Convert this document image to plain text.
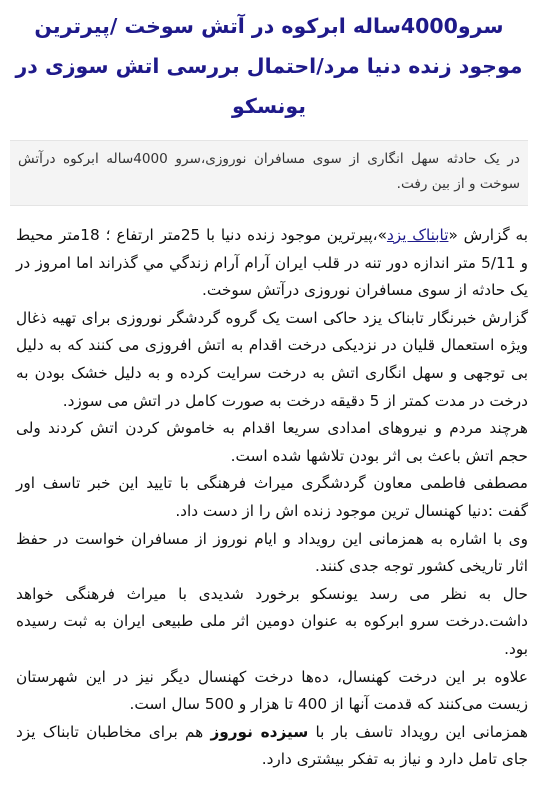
سرو4000ساله ابرکوه در آتش سوخت /پیرترین موجود زنده دنیا مرد/احتمال بررسی اتش سوزی در یونسکو
در یک حادثه سهل انگاری از سوی مسافران نوروزی،سرو 4000ساله ابرکوه درآتش سوخت و از بین رفت.

به گزارش «تابناک یزد»،پیرترین موجود زنده دنیا با 25متر ارتفاع ؛ 18متر محیط و 5/11 متر اندازه دور تنه در قلب ایران آرام آرام زندگي مي گذراند اما امروز در یک حادثه از سوی مسافران نوروزی درآتش سوخت.

گزارش خبرنگار تابناک یزد حاکی است یک گروه گردشگر نوروزی برای تهیه ذغال ویژه استعمال قلیان در نزدیکی درخت اقدام به اتش افروزی می کنند که به دلیل بی توجهی و سهل انگاری اتش به درخت سرایت کرده و به دلیل خشک بودن به درخت در مدت کمتر از 5 دقیقه درخت به صورت کامل در اتش می سوزد.

هرچند مردم و نیروهای امدادی سریعا اقدام به خاموش کردن اتش کردند ولی حجم اتش باعث بی اثر بودن تلاشها شده است.

مصطفی فاطمی معاون گردشگری میراث فرهنگی با تایید این خبر تاسف اور گفت :دنیا کهنسال ترین موجود زنده اش را از دست داد.

وی با اشاره به همزمانی این رویداد و ایام نوروز از مسافران خواست در حفظ اثار تاریخی کشور توجه جدی کنند.

حال به نظر می رسد یونسکو برخورد شدیدی با میراث فرهنگی خواهد داشت.درخت سرو ابرکوه به عنوان دومین اثر ملی طبیعی ایران به ثبت رسیده بود.

علاوه بر این درخت کهنسال، ده‌ها درخت کهنسال دیگر نیز در این شهرستان زیست می‌کنند که قدمت آنها از 400 تا هزار و 500 سال است.

همزمانی این رویداد تاسف بار با سیزده نوروز هم برای مخاطبان تابناک یزد جای تامل دارد و نیاز به تفکر بیشتری دارد.
